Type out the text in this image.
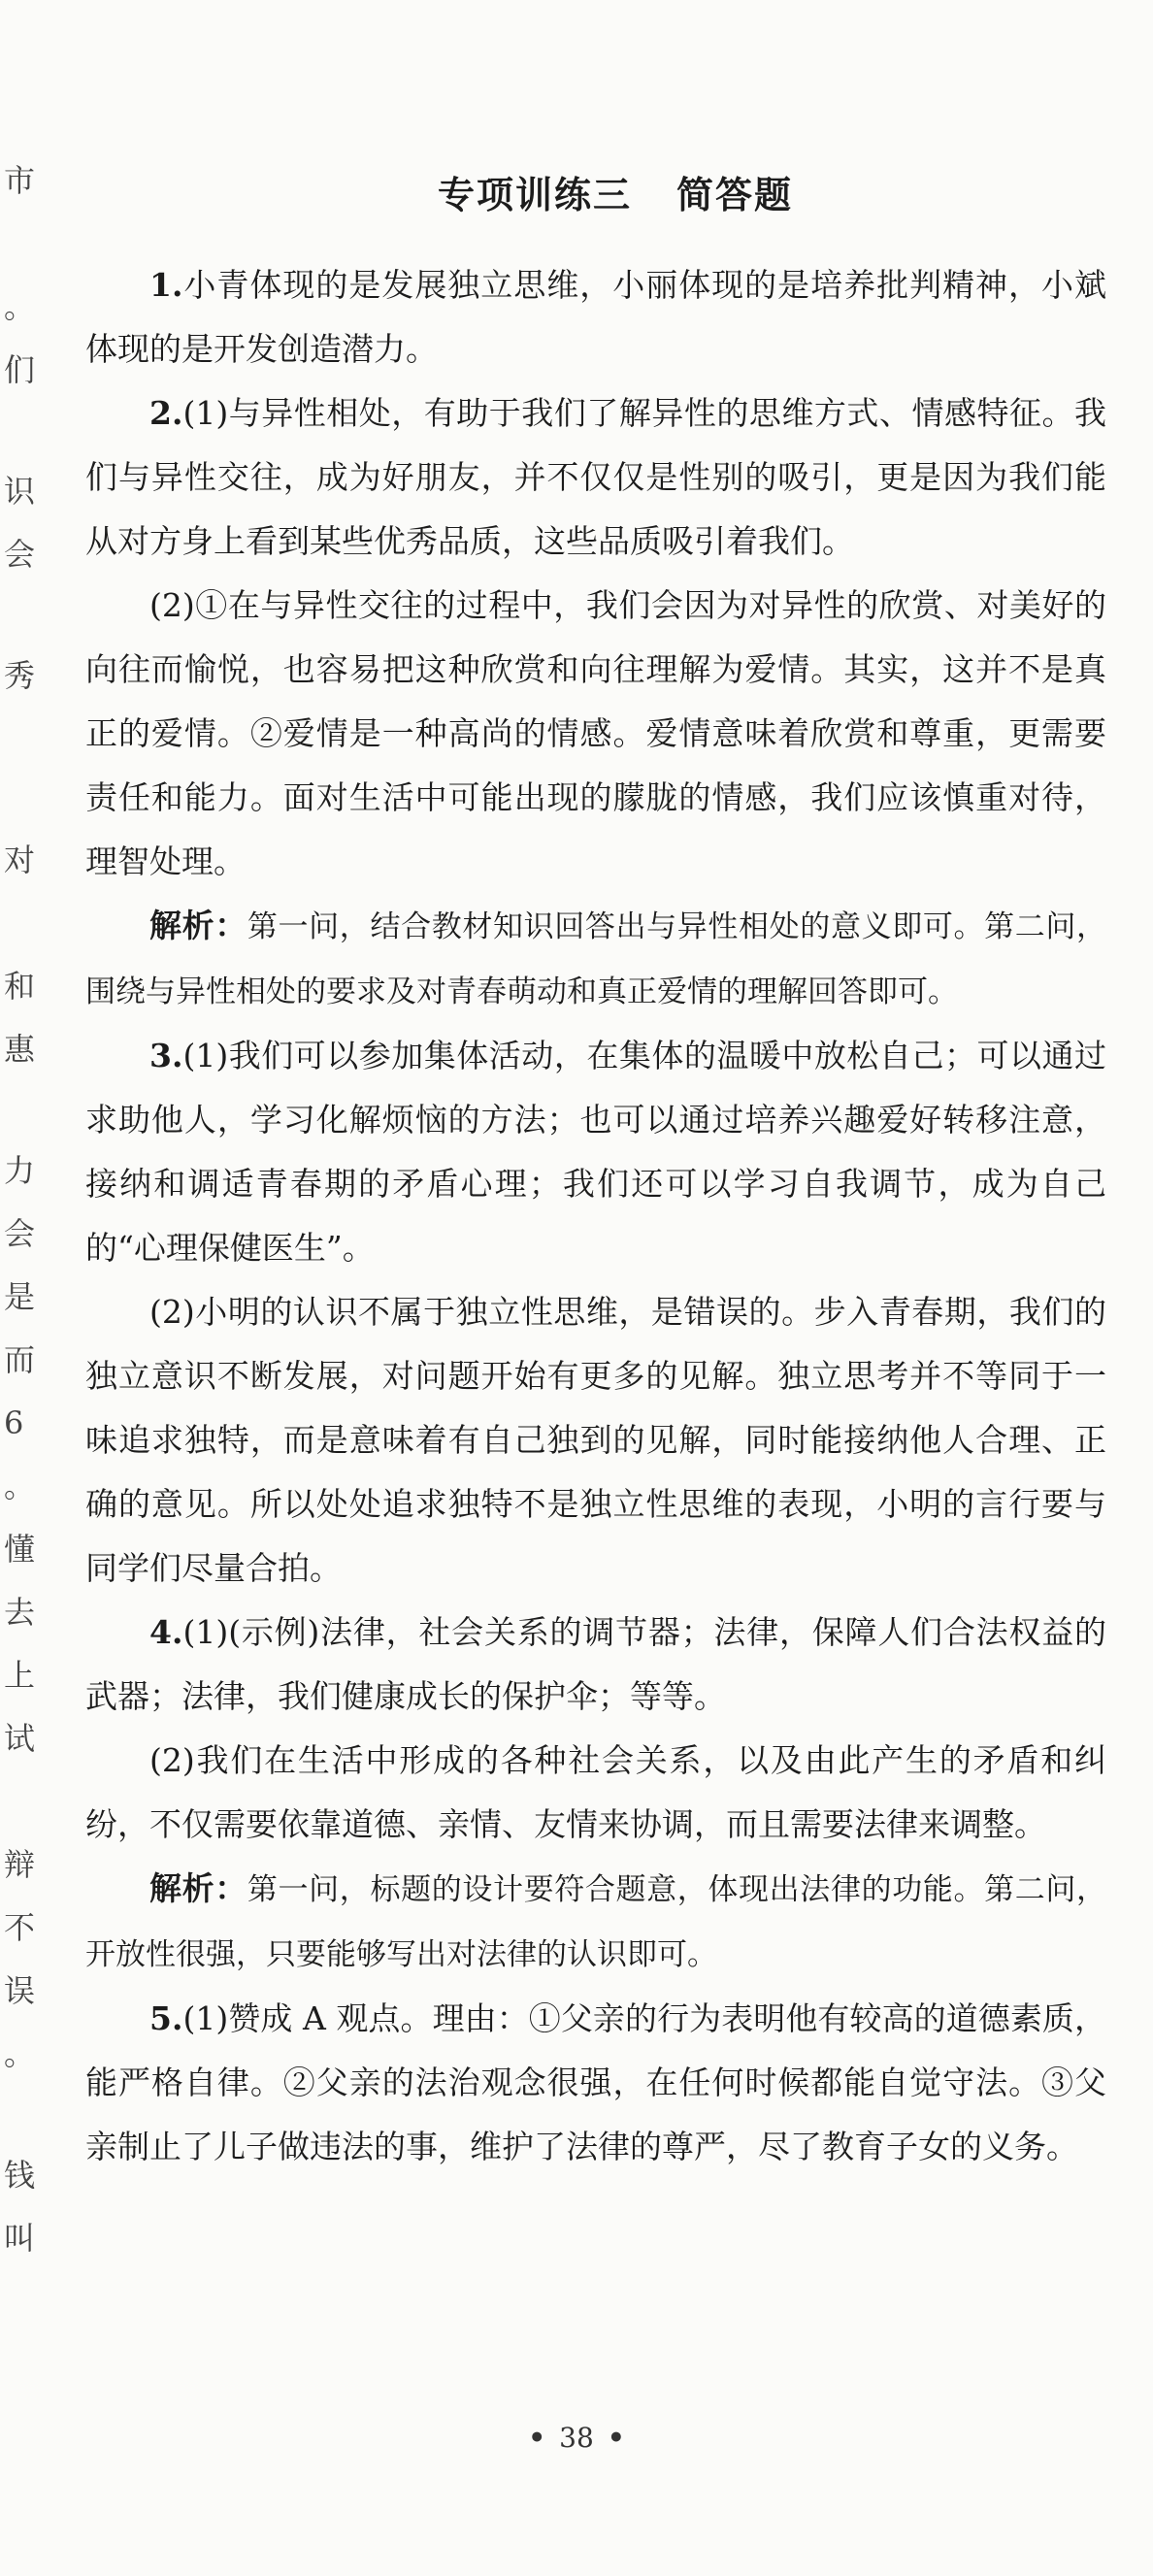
市
。
们
识
会
秀
对
和
惠
力
会
是
而
6
。
懂
去
上
试
辩
不
误
。
钱
叫
专项训练三 简答题

1.小青体现的是发展独立思维，小丽体现的是培养批判精神，小斌体现的是开发创造潜力。

2.(1)与异性相处，有助于我们了解异性的思维方式、情感特征。我们与异性交往，成为好朋友，并不仅仅是性别的吸引，更是因为我们能从对方身上看到某些优秀品质，这些品质吸引着我们。

(2)①在与异性交往的过程中，我们会因为对异性的欣赏、对美好的向往而愉悦，也容易把这种欣赏和向往理解为爱情。其实，这并不是真正的爱情。②爱情是一种高尚的情感。爱情意味着欣赏和尊重，更需要责任和能力。面对生活中可能出现的朦胧的情感，我们应该慎重对待，理智处理。

解析：第一问，结合教材知识回答出与异性相处的意义即可。第二问，围绕与异性相处的要求及对青春萌动和真正爱情的理解回答即可。

3.(1)我们可以参加集体活动，在集体的温暖中放松自己；可以通过求助他人，学习化解烦恼的方法；也可以通过培养兴趣爱好转移注意，接纳和调适青春期的矛盾心理；我们还可以学习自我调节，成为自己的“心理保健医生”。

(2)小明的认识不属于独立性思维，是错误的。步入青春期，我们的独立意识不断发展，对问题开始有更多的见解。独立思考并不等同于一味追求独特，而是意味着有自己独到的见解，同时能接纳他人合理、正确的意见。所以处处追求独特不是独立性思维的表现，小明的言行要与同学们尽量合拍。

4.(1)(示例)法律，社会关系的调节器；法律，保障人们合法权益的武器；法律，我们健康成长的保护伞；等等。

(2)我们在生活中形成的各种社会关系，以及由此产生的矛盾和纠纷，不仅需要依靠道德、亲情、友情来协调，而且需要法律来调整。

解析：第一问，标题的设计要符合题意，体现出法律的功能。第二问，开放性很强，只要能够写出对法律的认识即可。

5.(1)赞成 A 观点。理由：①父亲的行为表明他有较高的道德素质，能严格自律。②父亲的法治观念很强，在任何时候都能自觉守法。③父亲制止了儿子做违法的事，维护了法律的尊严，尽了教育子女的义务。

• 38 •
